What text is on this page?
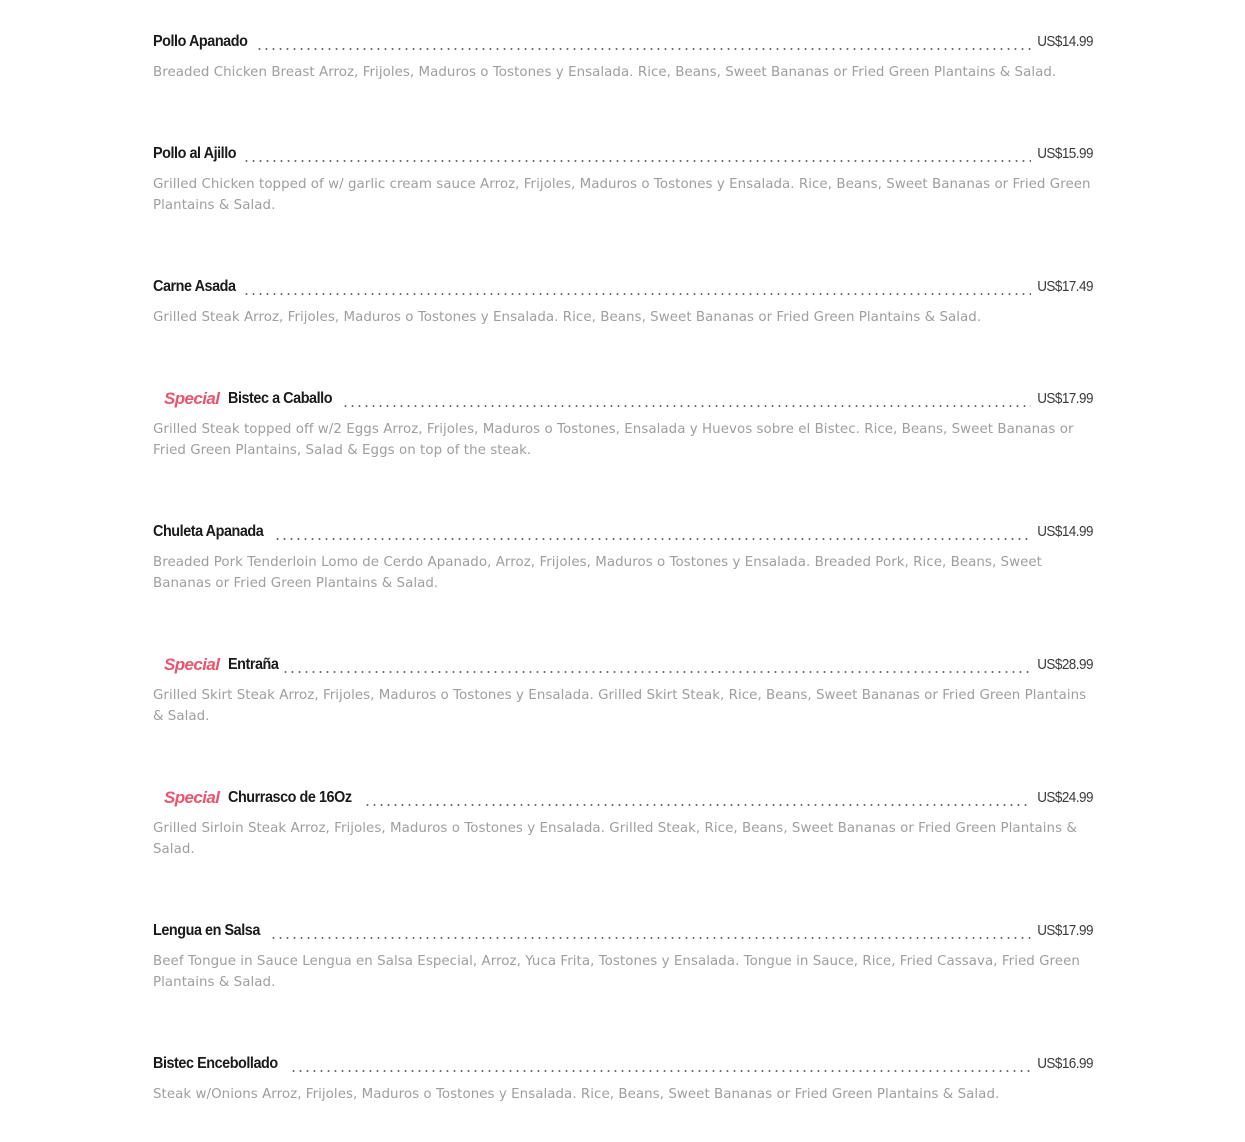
Pollo Apanado	US$14.99

Breaded Chicken Breast Arroz, Frijoles, Maduros o Tostones y Ensalada. Rice, Beans, Sweet Bananas or Fried Green Plantains & Salad.

Pollo al Ajillo	US$15.99

Grilled Chicken topped of w/ garlic cream sauce Arroz, Frijoles, Maduros o Tostones y Ensalada. Rice, Beans, Sweet Bananas or Fried Green Plantains & Salad.

Carne Asada	US$17.49

Grilled Steak Arroz, Frijoles, Maduros o Tostones y Ensalada. Rice, Beans, Sweet Bananas or Fried Green Plantains & Salad.

Special Bistec a Caballo	US$17.99

Grilled Steak topped off w/2 Eggs Arroz, Frijoles, Maduros o Tostones, Ensalada y Huevos sobre el Bistec. Rice, Beans, Sweet Bananas or Fried Green Plantains, Salad & Eggs on top of the steak.

Chuleta Apanada	US$14.99

Breaded Pork Tenderloin Lomo de Cerdo Apanado, Arroz, Frijoles, Maduros o Tostones y Ensalada. Breaded Pork, Rice, Beans, Sweet Bananas or Fried Green Plantains & Salad.

Special Entraña	US$28.99

Grilled Skirt Steak Arroz, Frijoles, Maduros o Tostones y Ensalada. Grilled Skirt Steak, Rice, Beans, Sweet Bananas or Fried Green Plantains & Salad.

Special Churrasco de 16Oz	US$24.99

Grilled Sirloin Steak Arroz, Frijoles, Maduros o Tostones y Ensalada. Grilled Steak, Rice, Beans, Sweet Bananas or Fried Green Plantains & Salad.

Lengua en Salsa	US$17.99

Beef Tongue in Sauce Lengua en Salsa Especial, Arroz, Yuca Frita, Tostones y Ensalada. Tongue in Sauce, Rice, Fried Cassava, Fried Green Plantains & Salad.

Bistec Encebollado	US$16.99

Steak w/Onions Arroz, Frijoles, Maduros o Tostones y Ensalada. Rice, Beans, Sweet Bananas or Fried Green Plantains & Salad.
